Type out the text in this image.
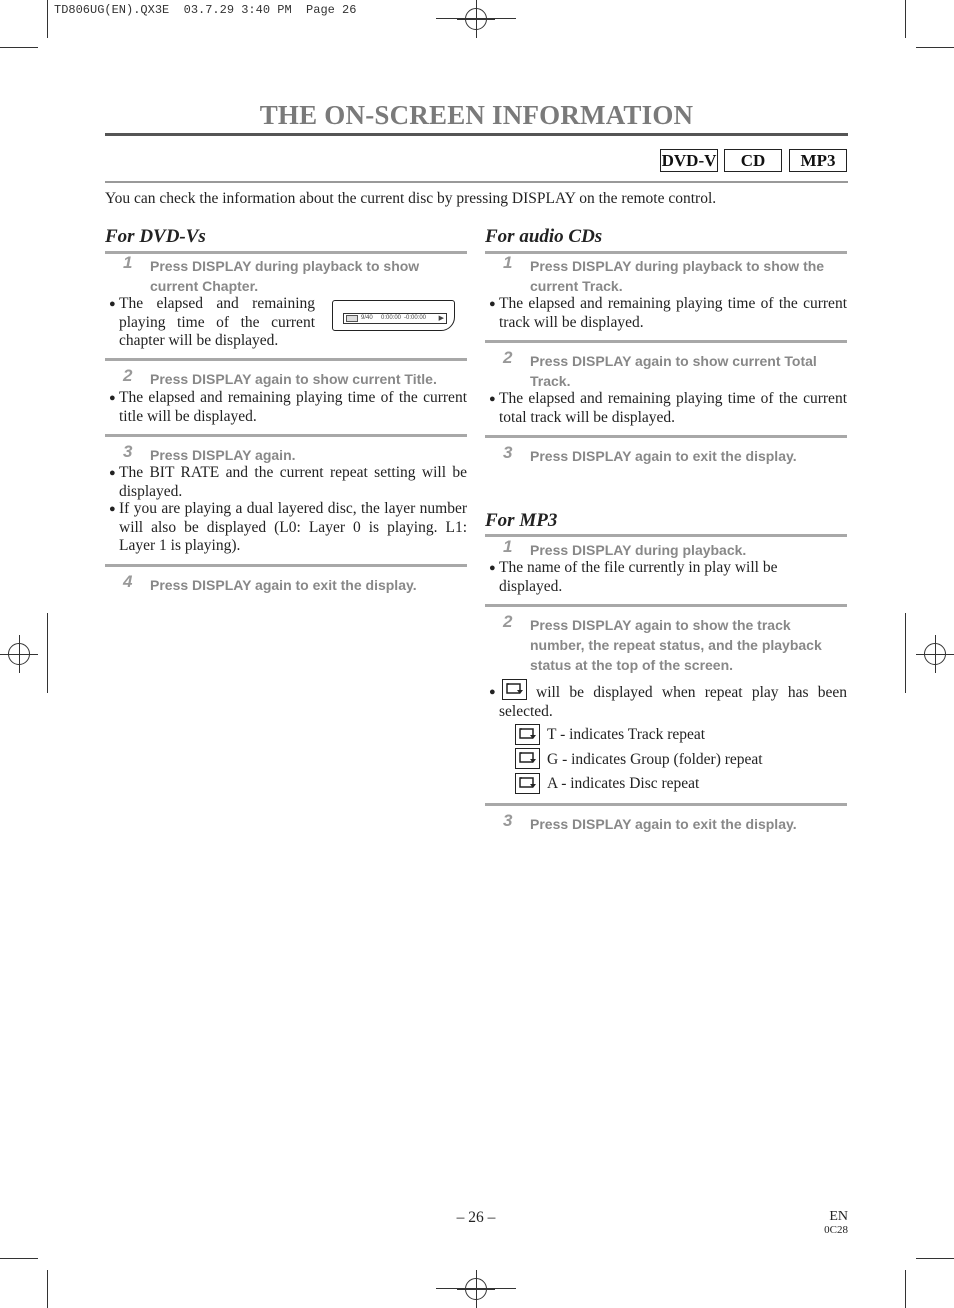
TD806UG(EN).QX3E  03.7.29 3:40 PM  Page 26
THE ON-SCREEN INFORMATION
DVD-V	CD	MP3
You can check the information about the current disc by pressing DISPLAY on the remote control.
For DVD-Vs
1 Press DISPLAY during playback to show current Chapter.
● The elapsed and remaining playing time of the current chapter will be displayed.
9/40 0:00:00 -0:00:00 ▶
2 Press DISPLAY again to show current Title.
● The elapsed and remaining playing time of the current title will be displayed.
3 Press DISPLAY again.
● The BIT RATE and the current repeat setting will be displayed.
● If you are playing a dual layered disc, the layer number will also be displayed (L0: Layer 0 is playing. L1: Layer 1 is playing).
4 Press DISPLAY again to exit the display.
For audio CDs
1 Press DISPLAY during playback to show the current Track.
● The elapsed and remaining playing time of the current track will be displayed.
2 Press DISPLAY again to show current Total Track.
● The elapsed and remaining playing time of the current total track will be displayed.
3 Press DISPLAY again to exit the display.
For MP3
1 Press DISPLAY during playback.
● The name of the file currently in play will be displayed.
2 Press DISPLAY again to show the track number, the repeat status, and the playback status at the top of the screen.
●	will be displayed when repeat play has been selected.
T - indicates Track repeat
G - indicates Group (folder) repeat
A - indicates Disc repeat
3 Press DISPLAY again to exit the display.
– 26 –	EN
0C28
